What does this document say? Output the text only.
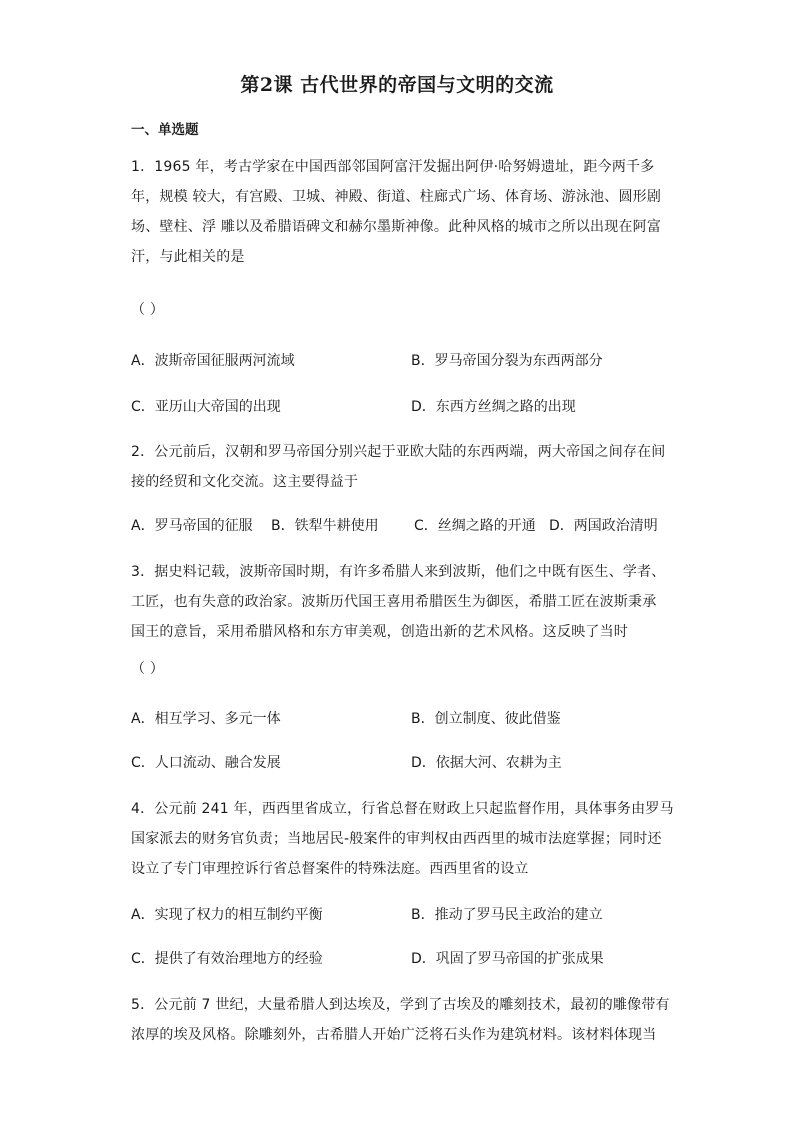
第2课 古代世界的帝国与文明的交流
一、单选题
1．1965 年，考古学家在中国西部邻国阿富汗发掘出阿伊·哈努姆遗址，距今两千多
年，规模 较大，有宫殿、卫城、神殿、街道、柱廊式广场、体育场、游泳池、圆形剧
场、壁柱、浮 雕以及希腊语碑文和赫尔墨斯神像。此种风格的城市之所以出现在阿富
汗，与此相关的是
（ ）
A．波斯帝国征服两河流域	B．罗马帝国分裂为东西两部分
C．亚历山大帝国的出现	D．东西方丝绸之路的出现
2．公元前后，汉朝和罗马帝国分别兴起于亚欧大陆的东西两端，两大帝国之间存在间
接的经贸和文化交流。这主要得益于
A．罗马帝国的征服 B．铁犁牛耕使用	C．丝绸之路的开通 D．两国政治清明
3．据史料记载，波斯帝国时期，有许多希腊人来到波斯，他们之中既有医生、学者、
工匠，也有失意的政治家。波斯历代国王喜用希腊医生为御医，希腊工匠在波斯秉承
国王的意旨，采用希腊风格和东方审美观，创造出新的艺术风格。这反映了当时
（ ）
A．相互学习、多元一体	B．创立制度、彼此借鉴
C．人口流动、融合发展	D．依据大河、农耕为主
4．公元前 241 年，西西里省成立，行省总督在财政上只起监督作用，具体事务由罗马
国家派去的财务官负责；当地居民-般案件的审判权由西西里的城市法庭掌握；同时还
设立了专门审理控诉行省总督案件的特殊法庭。西西里省的设立
A．实现了权力的相互制约平衡	B．推动了罗马民主政治的建立
C．提供了有效治理地方的经验	D．巩固了罗马帝国的扩张成果
5．公元前 7 世纪，大量希腊人到达埃及，学到了古埃及的雕刻技术，最初的雕像带有
浓厚的埃及风格。除雕刻外，古希腊人开始广泛将石头作为建筑材料。该材料体现当
